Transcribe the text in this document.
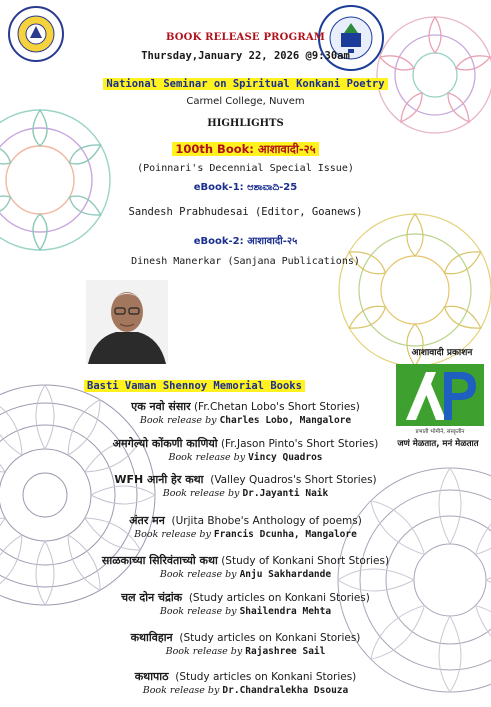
BOOK RELEASE PROGRAM
Thursday,January 22, 2026 @9:30am
National Seminar on Spiritual Konkani Poetry
Carmel College, Nuvem
HIGHLIGHTS
100th Book: आशावादी-२५
(Poinnari's Decennial Special Issue)
eBook-1: ಆಶಾವಾದಿ-25
Sandesh Prabhudesai (Editor, Goanews)
eBook-2: आशावादी-२५
Dinesh Manerkar (Sanjana Publications)
आशावादी प्रकाशन
प्रभाती भोमीने, संस्कृतीन
जणं मेळतात, मनं मेळतात
Basti Vaman Shennoy Memorial Books
एक नवो संसार (Fr.Chetan Lobo's Short Stories)
Book release by Charles Lobo, Mangalore
अमगेल्यो कोंकणी काणियो (Fr.Jason Pinto's Short Stories)
Book release by Vincy Quadros
WFH आनी हेर कथा  (Valley Quadros's Short Stories)
Book release by Dr.Jayanti Naik
अंतर मन  (Urjita Bhobe's Anthology of poems)
Book release by Francis Dcunha, Mangalore
साळकाच्या सिरिवंताच्यो कथा (Study of Konkani Short Stories)
Book release by Anju Sakhardande
चल दोन चंद्रांक  (Study articles on Konkani Stories)
Book release by Shailendra Mehta
कथाविहान  (Study articles on Konkani Stories)
Book release by Rajashree Sail
कथापाठ  (Study articles on Konkani Stories)
Book release by Dr.Chandralekha Dsouza
